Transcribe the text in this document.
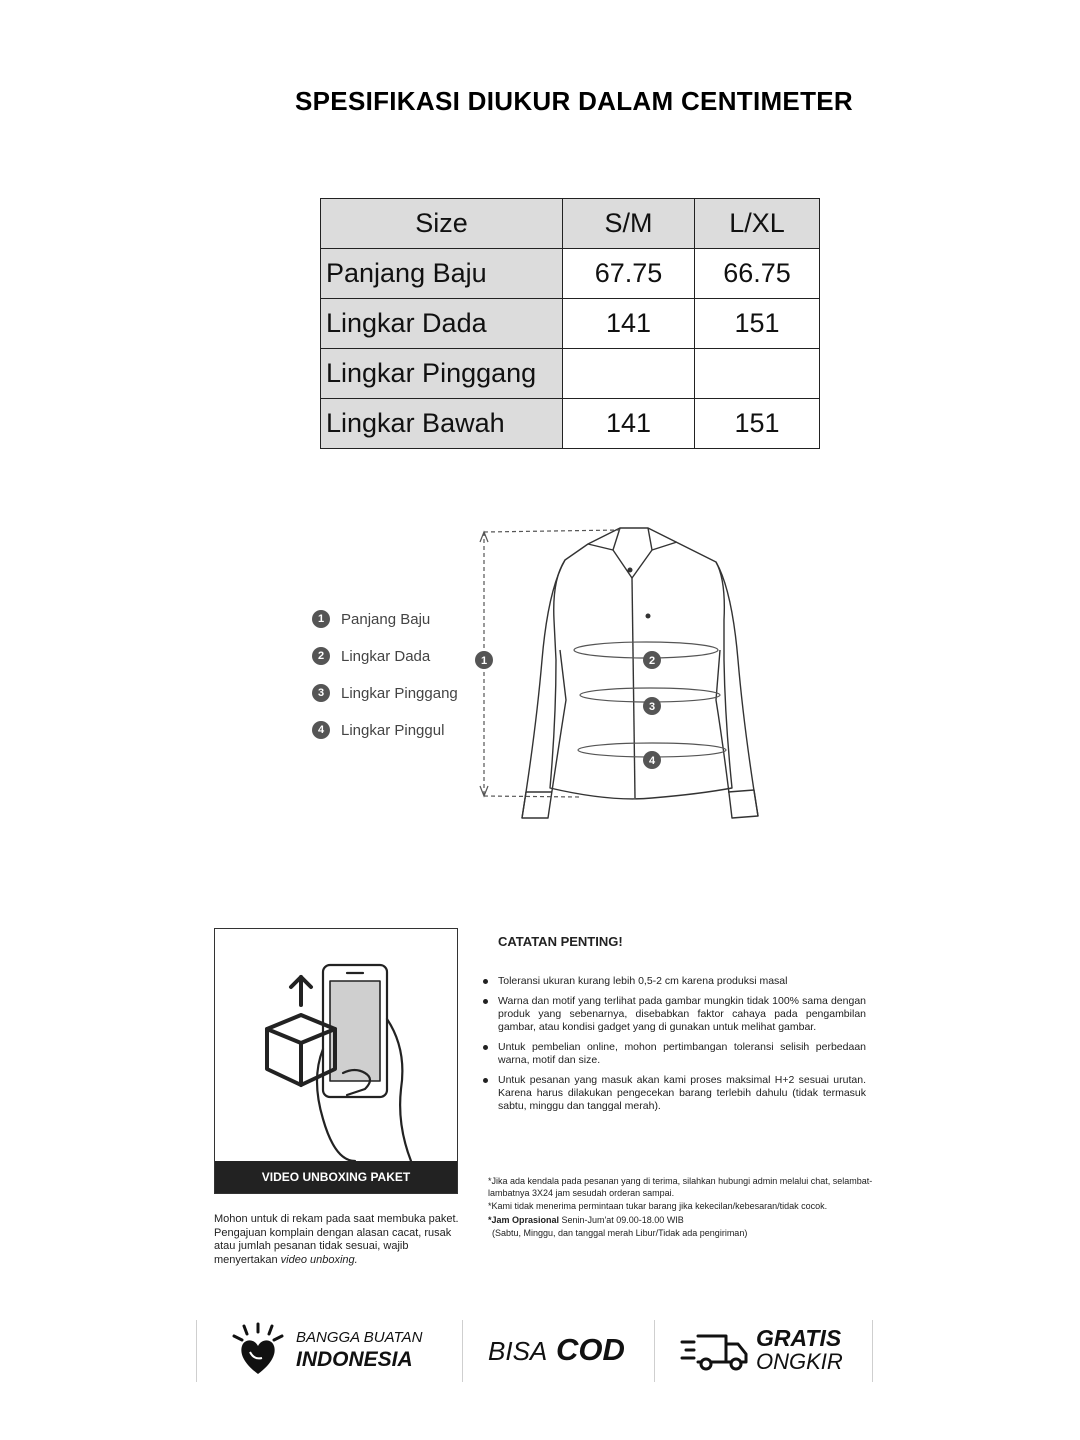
SPESIFIKASI DIUKUR DALAM CENTIMETER
Size	S/M	L/XL
Panjang Baju	67.75	66.75
Lingkar Dada	141	151
Lingkar Pinggang		
Lingkar Bawah	141	151
1	Panjang Baju
2	Lingkar Dada
3	Lingkar Pinggang
4	Lingkar Pinggul
1	2
3
4
VIDEO UNBOXING PAKET
Mohon untuk di rekam pada saat membuka paket. Pengajuan komplain dengan alasan cacat, rusak atau jumlah pesanan tidak sesuai, wajib menyertakan video unboxing.
CATATAN PENTING!
Toleransi ukuran kurang lebih 0,5-2 cm karena produksi masal
Warna dan motif yang terlihat pada gambar mungkin tidak 100% sama dengan produk yang sebenarnya, disebabkan faktor cahaya pada pengambilan gambar, atau kondisi gadget yang di gunakan untuk melihat gambar.
Untuk pembelian online, mohon pertimbangan toleransi selisih perbedaan warna, motif dan size.
Untuk pesanan yang masuk akan kami proses maksimal H+2 sesuai urutan. Karena harus dilakukan pengecekan barang terlebih dahulu (tidak termasuk sabtu, minggu dan tanggal merah).

*Jika ada kendala pada pesanan yang di terima, silahkan hubungi admin melalui chat, selambat-lambatnya 3X24 jam sesudah orderan sampai.

*Kami tidak menerima permintaan tukar barang jika kekecilan/kebesaran/tidak cocok.

*Jam Oprasional Senin-Jum'at 09.00-18.00 WIB

(Sabtu, Minggu, dan tanggal merah Libur/Tidak ada pengiriman)

BANGGA BUATAN
INDONESIA	BISA COD	GRATIS
ONGKIR
